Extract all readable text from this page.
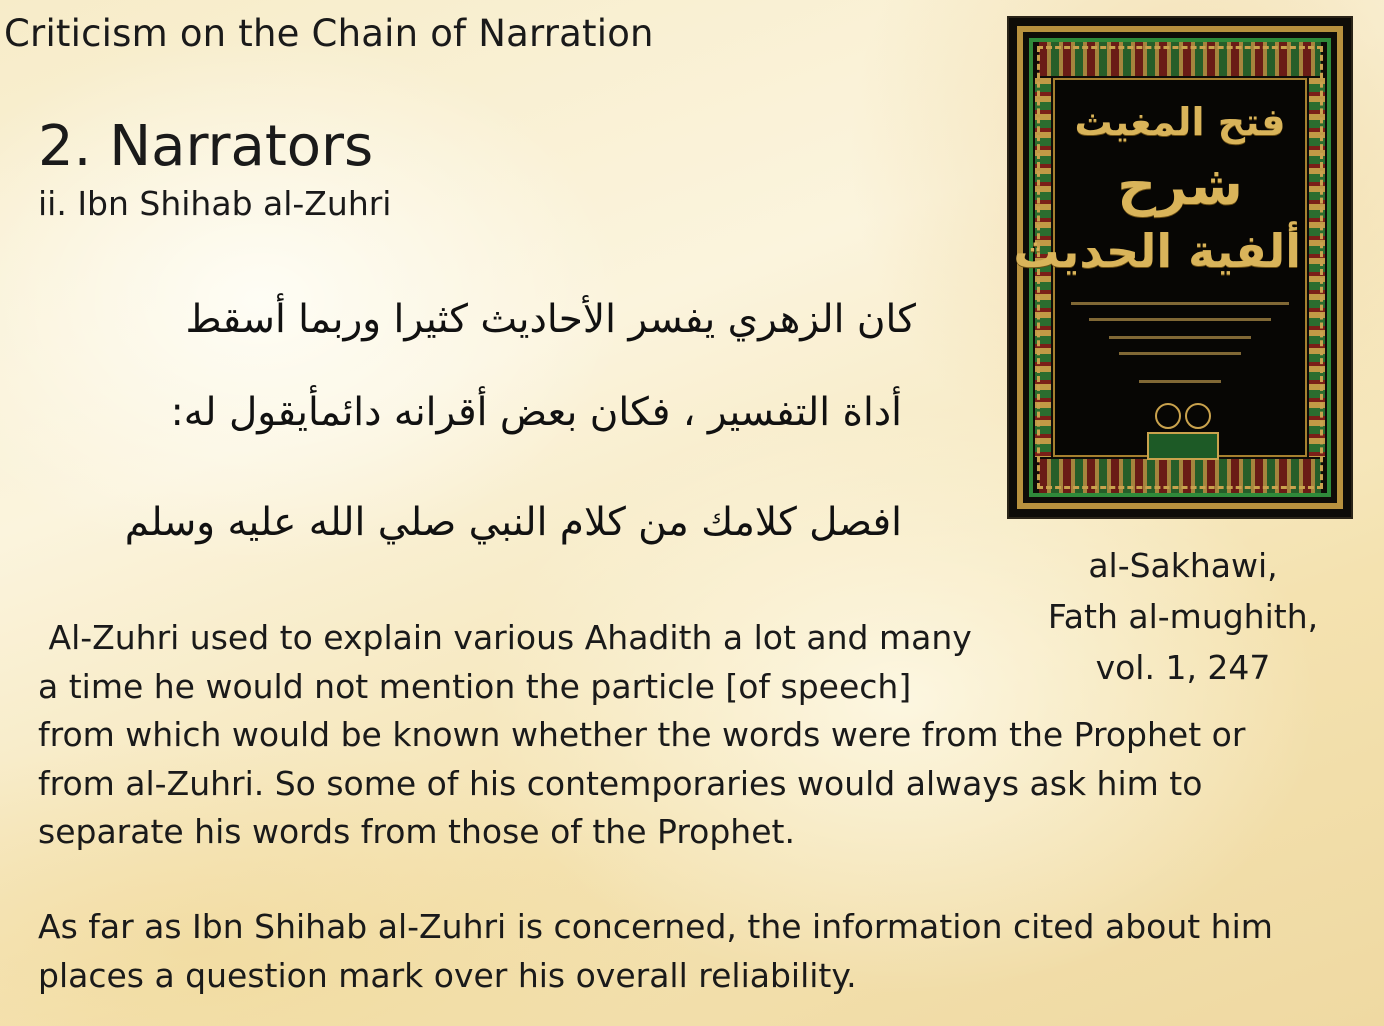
Criticism on the Chain of Narration
2. Narrators
ii. Ibn Shihab al-Zuhri
كان الزهري يفسر الأحاديث كثيرا وربما أسقط
أداة التفسير ، فكان بعض أقرانه دائمأيقول له:
افصل كلامك من كلام النبي صلي الله عليه وسلم
فتح المغيث
شرح
ألفية الحديث
al-Sakhawi,
Fath al-mughith,
vol. 1, 247
Al-Zuhri used to explain various Ahadith a lot and many
a time he would not mention the particle [of speech]
from which would be known whether the words were from the Prophet or
from al-Zuhri. So some of his contemporaries would always ask him to
separate his words from those of the Prophet.
As far as Ibn Shihab al-Zuhri is concerned, the information cited about him
places a question mark over his overall reliability.
